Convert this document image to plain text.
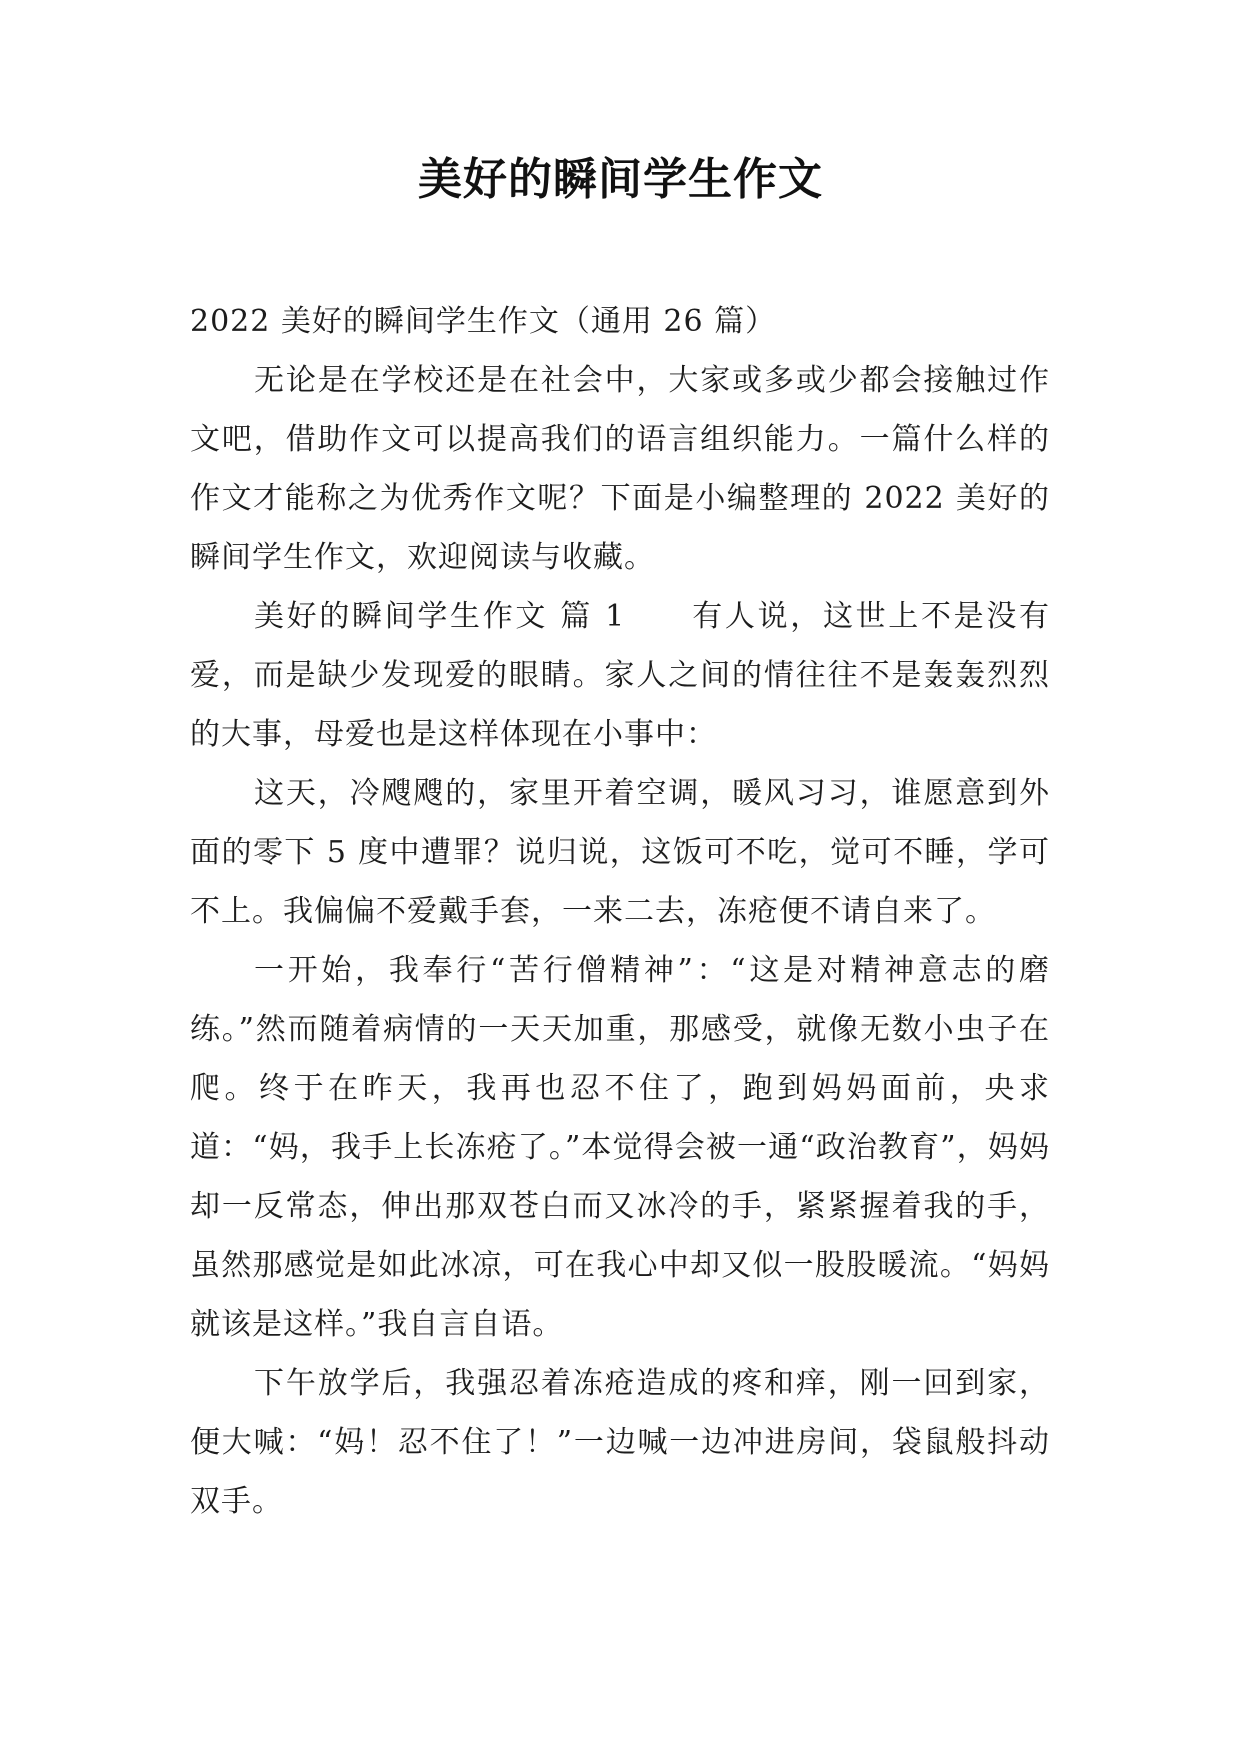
美好的瞬间学生作文

2022 美好的瞬间学生作文（通用 26 篇）

无论是在学校还是在社会中，大家或多或少都会接触过作文吧，借助作文可以提高我们的语言组织能力。一篇什么样的作文才能称之为优秀作文呢？下面是小编整理的 2022 美好的瞬间学生作文，欢迎阅读与收藏。

美好的瞬间学生作文 篇 1　　有人说，这世上不是没有爱，而是缺少发现爱的眼睛。家人之间的情往往不是轰轰烈烈的大事，母爱也是这样体现在小事中：

这天，冷飕飕的，家里开着空调，暖风习习，谁愿意到外面的零下 5 度中遭罪？说归说，这饭可不吃，觉可不睡，学可不上。我偏偏不爱戴手套，一来二去，冻疮便不请自来了。

一开始，我奉行“苦行僧精神”：“这是对精神意志的磨练。”然而随着病情的一天天加重，那感受，就像无数小虫子在爬。终于在昨天，我再也忍不住了，跑到妈妈面前，央求道：“妈，我手上长冻疮了。”本觉得会被一通“政治教育”，妈妈却一反常态，伸出那双苍白而又冰冷的手，紧紧握着我的手，虽然那感觉是如此冰凉，可在我心中却又似一股股暖流。“妈妈就该是这样。”我自言自语。

下午放学后，我强忍着冻疮造成的疼和痒，刚一回到家，便大喊：“妈！忍不住了！”一边喊一边冲进房间，袋鼠般抖动双手。
